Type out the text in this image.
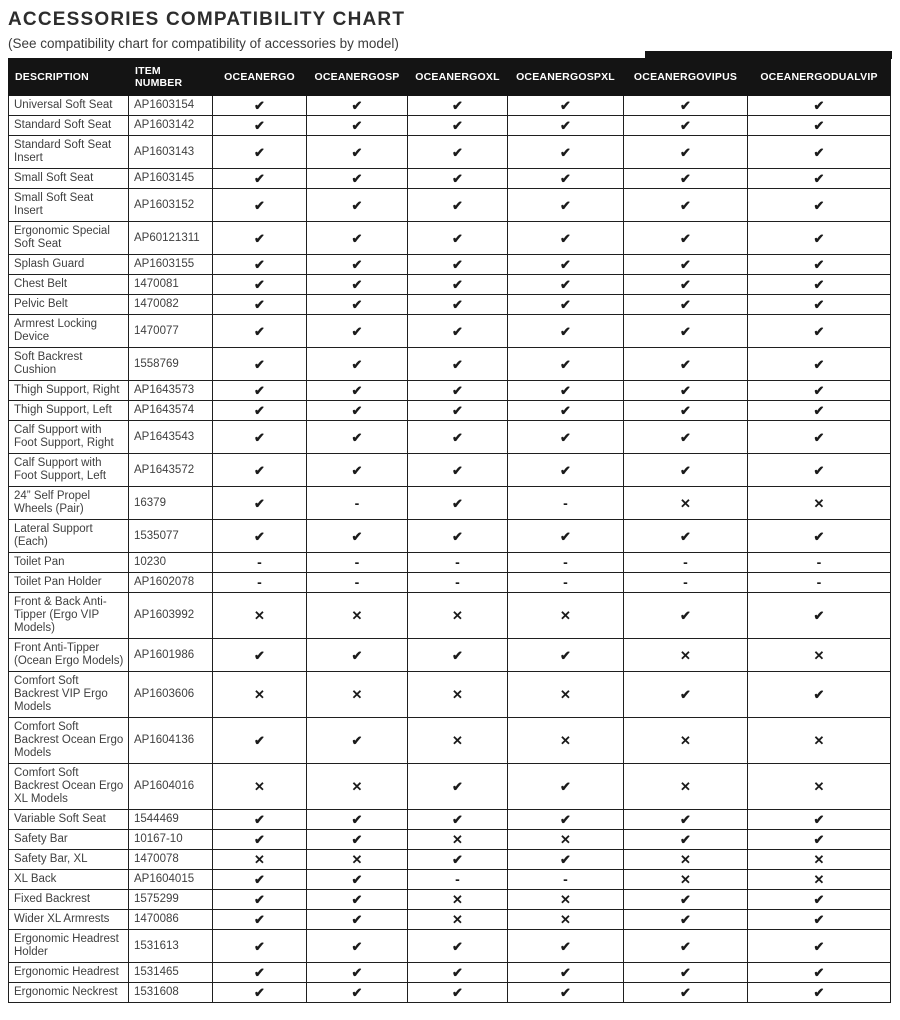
ACCESSORIES COMPATIBILITY CHART

(See compatibility chart for compatibility of accessories by model)

DESCRIPTION	ITEM NUMBER	OCEANERGO	OCEANERGOSP	OCEANERGOXL	OCEANERGOSPXL	OCEANERGOVIPUS	OCEANERGODUALVIP
Universal Soft Seat	AP1603154	✔	✔	✔	✔	✔	✔
Standard Soft Seat	AP1603142	✔	✔	✔	✔	✔	✔
Standard Soft Seat Insert	AP1603143	✔	✔	✔	✔	✔	✔
Small Soft Seat	AP1603145	✔	✔	✔	✔	✔	✔
Small Soft Seat Insert	AP1603152	✔	✔	✔	✔	✔	✔
Ergonomic Special Soft Seat	AP60121311	✔	✔	✔	✔	✔	✔
Splash Guard	AP1603155	✔	✔	✔	✔	✔	✔
Chest Belt	1470081	✔	✔	✔	✔	✔	✔
Pelvic Belt	1470082	✔	✔	✔	✔	✔	✔
Armrest Locking Device	1470077	✔	✔	✔	✔	✔	✔
Soft Backrest Cushion	1558769	✔	✔	✔	✔	✔	✔
Thigh Support, Right	AP1643573	✔	✔	✔	✔	✔	✔
Thigh Support, Left	AP1643574	✔	✔	✔	✔	✔	✔
Calf Support with Foot Support, Right	AP1643543	✔	✔	✔	✔	✔	✔
Calf Support with Foot Support, Left	AP1643572	✔	✔	✔	✔	✔	✔
24” Self Propel Wheels (Pair)	16379	✔	-	✔	-	✕	✕
Lateral Support (Each)	1535077	✔	✔	✔	✔	✔	✔
Toilet Pan	10230	-	-	-	-	-	-
Toilet Pan Holder	AP1602078	-	-	-	-	-	-
Front & Back Anti-Tipper (Ergo VIP Models)	AP1603992	✕	✕	✕	✕	✔	✔
Front Anti-Tipper (Ocean Ergo Models)	AP1601986	✔	✔	✔	✔	✕	✕
Comfort Soft Backrest VIP Ergo Models	AP1603606	✕	✕	✕	✕	✔	✔
Comfort Soft Backrest Ocean Ergo Models	AP1604136	✔	✔	✕	✕	✕	✕
Comfort Soft Backrest Ocean Ergo XL Models	AP1604016	✕	✕	✔	✔	✕	✕
Variable Soft Seat	1544469	✔	✔	✔	✔	✔	✔
Safety Bar	10167-10	✔	✔	✕	✕	✔	✔
Safety Bar, XL	1470078	✕	✕	✔	✔	✕	✕
XL Back	AP1604015	✔	✔	-	-	✕	✕
Fixed Backrest	1575299	✔	✔	✕	✕	✔	✔
Wider XL Armrests	1470086	✔	✔	✕	✕	✔	✔
Ergonomic Headrest Holder	1531613	✔	✔	✔	✔	✔	✔
Ergonomic Headrest	1531465	✔	✔	✔	✔	✔	✔
Ergonomic Neckrest	1531608	✔	✔	✔	✔	✔	✔
